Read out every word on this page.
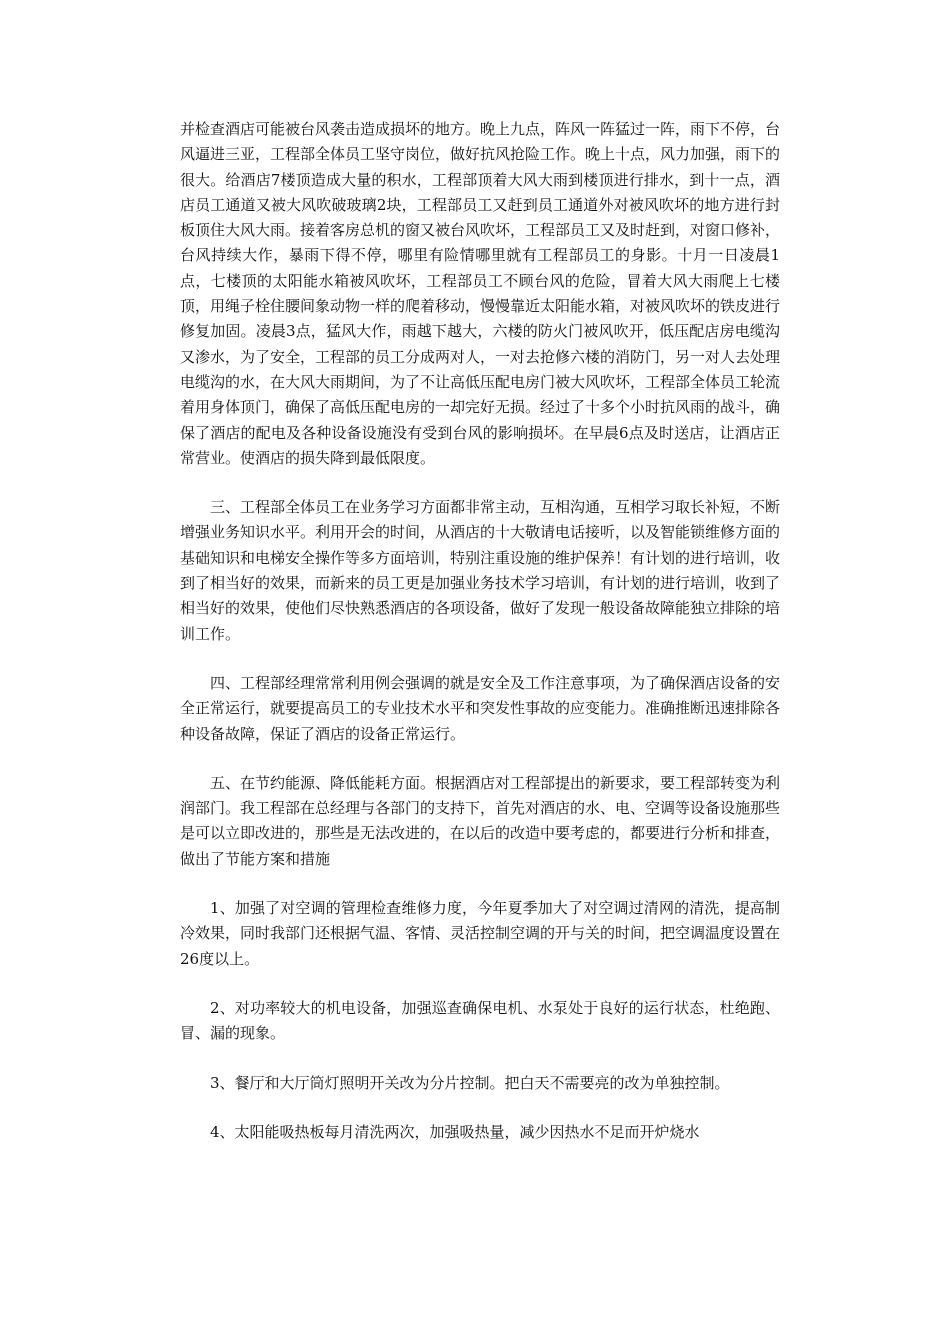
并检查酒店可能被台风袭击造成损坏的地方。晚上九点，阵风一阵猛过一阵，雨下不停，台风逼进三亚，工程部全体员工坚守岗位，做好抗风抢险工作。晚上十点，风力加强，雨下的很大。给酒店7楼顶造成大量的积水，工程部顶着大风大雨到楼顶进行排水，到十一点，酒店员工通道又被大风吹破玻璃2块，工程部员工又赶到员工通道外对被风吹坏的地方进行封板顶住大风大雨。接着客房总机的窗又被台风吹坏，工程部员工又及时赶到，对窗口修补，台风持续大作，暴雨下得不停，哪里有险情哪里就有工程部员工的身影。十月一日凌晨1点，七楼顶的太阳能水箱被风吹坏，工程部员工不顾台风的危险，冒着大风大雨爬上七楼顶，用绳子栓住腰间象动物一样的爬着移动，慢慢靠近太阳能水箱，对被风吹坏的铁皮进行修复加固。凌晨3点，猛风大作，雨越下越大，六楼的防火门被风吹开，低压配店房电缆沟又渗水，为了安全，工程部的员工分成两对人，一对去抢修六楼的消防门，另一对人去处理电缆沟的水，在大风大雨期间，为了不让高低压配电房门被大风吹坏，工程部全体员工轮流着用身体顶门，确保了高低压配电房的一却完好无损。经过了十多个小时抗风雨的战斗，确保了酒店的配电及各种设备设施没有受到台风的影响损坏。在早晨6点及时送店，让酒店正常营业。使酒店的损失降到最低限度。

三、工程部全体员工在业务学习方面都非常主动，互相沟通，互相学习取长补短，不断增强业务知识水平。利用开会的时间，从酒店的十大敬请电话接听，以及智能锁维修方面的基础知识和电梯安全操作等多方面培训，特别注重设施的维护保养！有计划的进行培训，收到了相当好的效果，而新来的员工更是加强业务技术学习培训，有计划的进行培训，收到了相当好的效果，使他们尽快熟悉酒店的各项设备，做好了发现一般设备故障能独立排除的培训工作。

四、工程部经理常常利用例会强调的就是安全及工作注意事项，为了确保酒店设备的安全正常运行，就要提高员工的专业技术水平和突发性事故的应变能力。准确推断迅速排除各种设备故障，保证了酒店的设备正常运行。

五、在节约能源、降低能耗方面。根据酒店对工程部提出的新要求，要工程部转变为利润部门。我工程部在总经理与各部门的支持下，首先对酒店的水、电、空调等设备设施那些是可以立即改进的，那些是无法改进的，在以后的改造中要考虑的，都要进行分析和排查，做出了节能方案和措施

1、加强了对空调的管理检查维修力度，今年夏季加大了对空调过清网的清洗，提高制冷效果，同时我部门还根据气温、客情、灵活控制空调的开与关的时间，把空调温度设置在26度以上。

2、对功率较大的机电设备，加强巡查确保电机、水泵处于良好的运行状态，杜绝跑、冒、漏的现象。

3、餐厅和大厅筒灯照明开关改为分片控制。把白天不需要亮的改为单独控制。

4、太阳能吸热板每月清洗两次，加强吸热量，减少因热水不足而开炉烧水
